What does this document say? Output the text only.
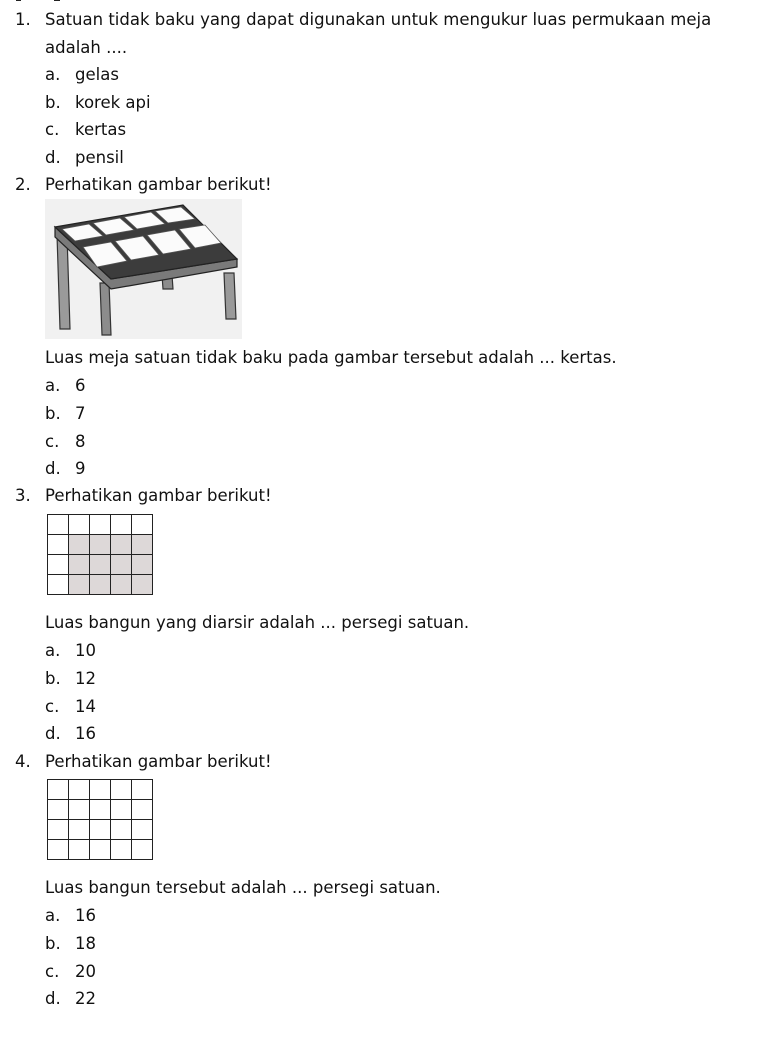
1. Satuan tidak baku yang dapat digunakan untuk mengukur luas permukaan meja
adalah ....
a. gelas
b. korek api
c. kertas
d. pensil
2. Perhatikan gambar berikut!
Luas meja satuan tidak baku pada gambar tersebut adalah ... kertas.
a. 6
b. 7
c. 8
d. 9
3. Perhatikan gambar berikut!

Luas bangun yang diarsir adalah ... persegi satuan.
a. 10
b. 12
c. 14
d. 16
4. Perhatikan gambar berikut!

Luas bangun tersebut adalah ... persegi satuan.
a. 16
b. 18
c. 20
d. 22
